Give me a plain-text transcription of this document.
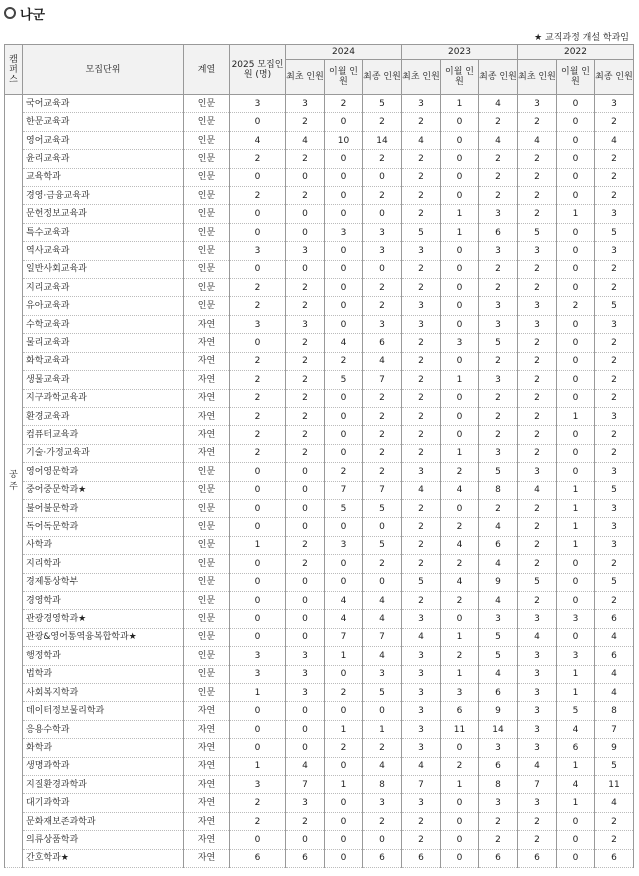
나군
★ 교직과정 개설 학과임
캠퍼스	모집단위	계열	2025 모집인원 (명)	2024			2023			2022		
				최초 인원	이월 인원	최종 인원	최초 인원	이월 인원	최종 인원	최초 인원	이월 인원	최종 인원
공주	국어교육과	인문	3	3	2	5	3	1	4	3	0	3
	한문교육과	인문	0	2	0	2	2	0	2	2	0	2
	영어교육과	인문	4	4	10	14	4	0	4	4	0	4
	윤리교육과	인문	2	2	0	2	2	0	2	2	0	2
	교육학과	인문	0	0	0	0	2	0	2	2	0	2
	경영·금융교육과	인문	2	2	0	2	2	0	2	2	0	2
	문헌정보교육과	인문	0	0	0	0	2	1	3	2	1	3
	특수교육과	인문	0	0	3	3	5	1	6	5	0	5
	역사교육과	인문	3	3	0	3	3	0	3	3	0	3
	일반사회교육과	인문	0	0	0	0	2	0	2	2	0	2
	지리교육과	인문	2	2	0	2	2	0	2	2	0	2
	유아교육과	인문	2	2	0	2	3	0	3	3	2	5
	수학교육과	자연	3	3	0	3	3	0	3	3	0	3
	물리교육과	자연	0	2	4	6	2	3	5	2	0	2
	화학교육과	자연	2	2	2	4	2	0	2	2	0	2
	생물교육과	자연	2	2	5	7	2	1	3	2	0	2
	지구과학교육과	자연	2	2	0	2	2	0	2	2	0	2
	환경교육과	자연	2	2	0	2	2	0	2	2	1	3
	컴퓨터교육과	자연	2	2	0	2	2	0	2	2	0	2
	기술·가정교육과	자연	2	2	0	2	2	1	3	2	0	2
	영어영문학과	인문	0	0	2	2	3	2	5	3	0	3
	중어중문학과★	인문	0	0	7	7	4	4	8	4	1	5
	불어불문학과	인문	0	0	5	5	2	0	2	2	1	3
	독어독문학과	인문	0	0	0	0	2	2	4	2	1	3
	사학과	인문	1	2	3	5	2	4	6	2	1	3
	지리학과	인문	0	2	0	2	2	2	4	2	0	2
	경제통상학부	인문	0	0	0	0	5	4	9	5	0	5
	경영학과	인문	0	0	4	4	2	2	4	2	0	2
	관광경영학과★	인문	0	0	4	4	3	0	3	3	3	6
	관광&영어통역융복합학과★	인문	0	0	7	7	4	1	5	4	0	4
	행정학과	인문	3	3	1	4	3	2	5	3	3	6
	법학과	인문	3	3	0	3	3	1	4	3	1	4
	사회복지학과	인문	1	3	2	5	3	3	6	3	1	4
	데이터정보물리학과	자연	0	0	0	0	3	6	9	3	5	8
	응용수학과	자연	0	0	1	1	3	11	14	3	4	7
	화학과	자연	0	0	2	2	3	0	3	3	6	9
	생명과학과	자연	1	4	0	4	4	2	6	4	1	5
	지질환경과학과	자연	3	7	1	8	7	1	8	7	4	11
	대기과학과	자연	2	3	0	3	3	0	3	3	1	4
	문화재보존과학과	자연	2	2	0	2	2	0	2	2	0	2
	의류상품학과	자연	0	0	0	0	2	0	2	2	0	2
	간호학과★	자연	6	6	0	6	6	0	6	6	0	6
